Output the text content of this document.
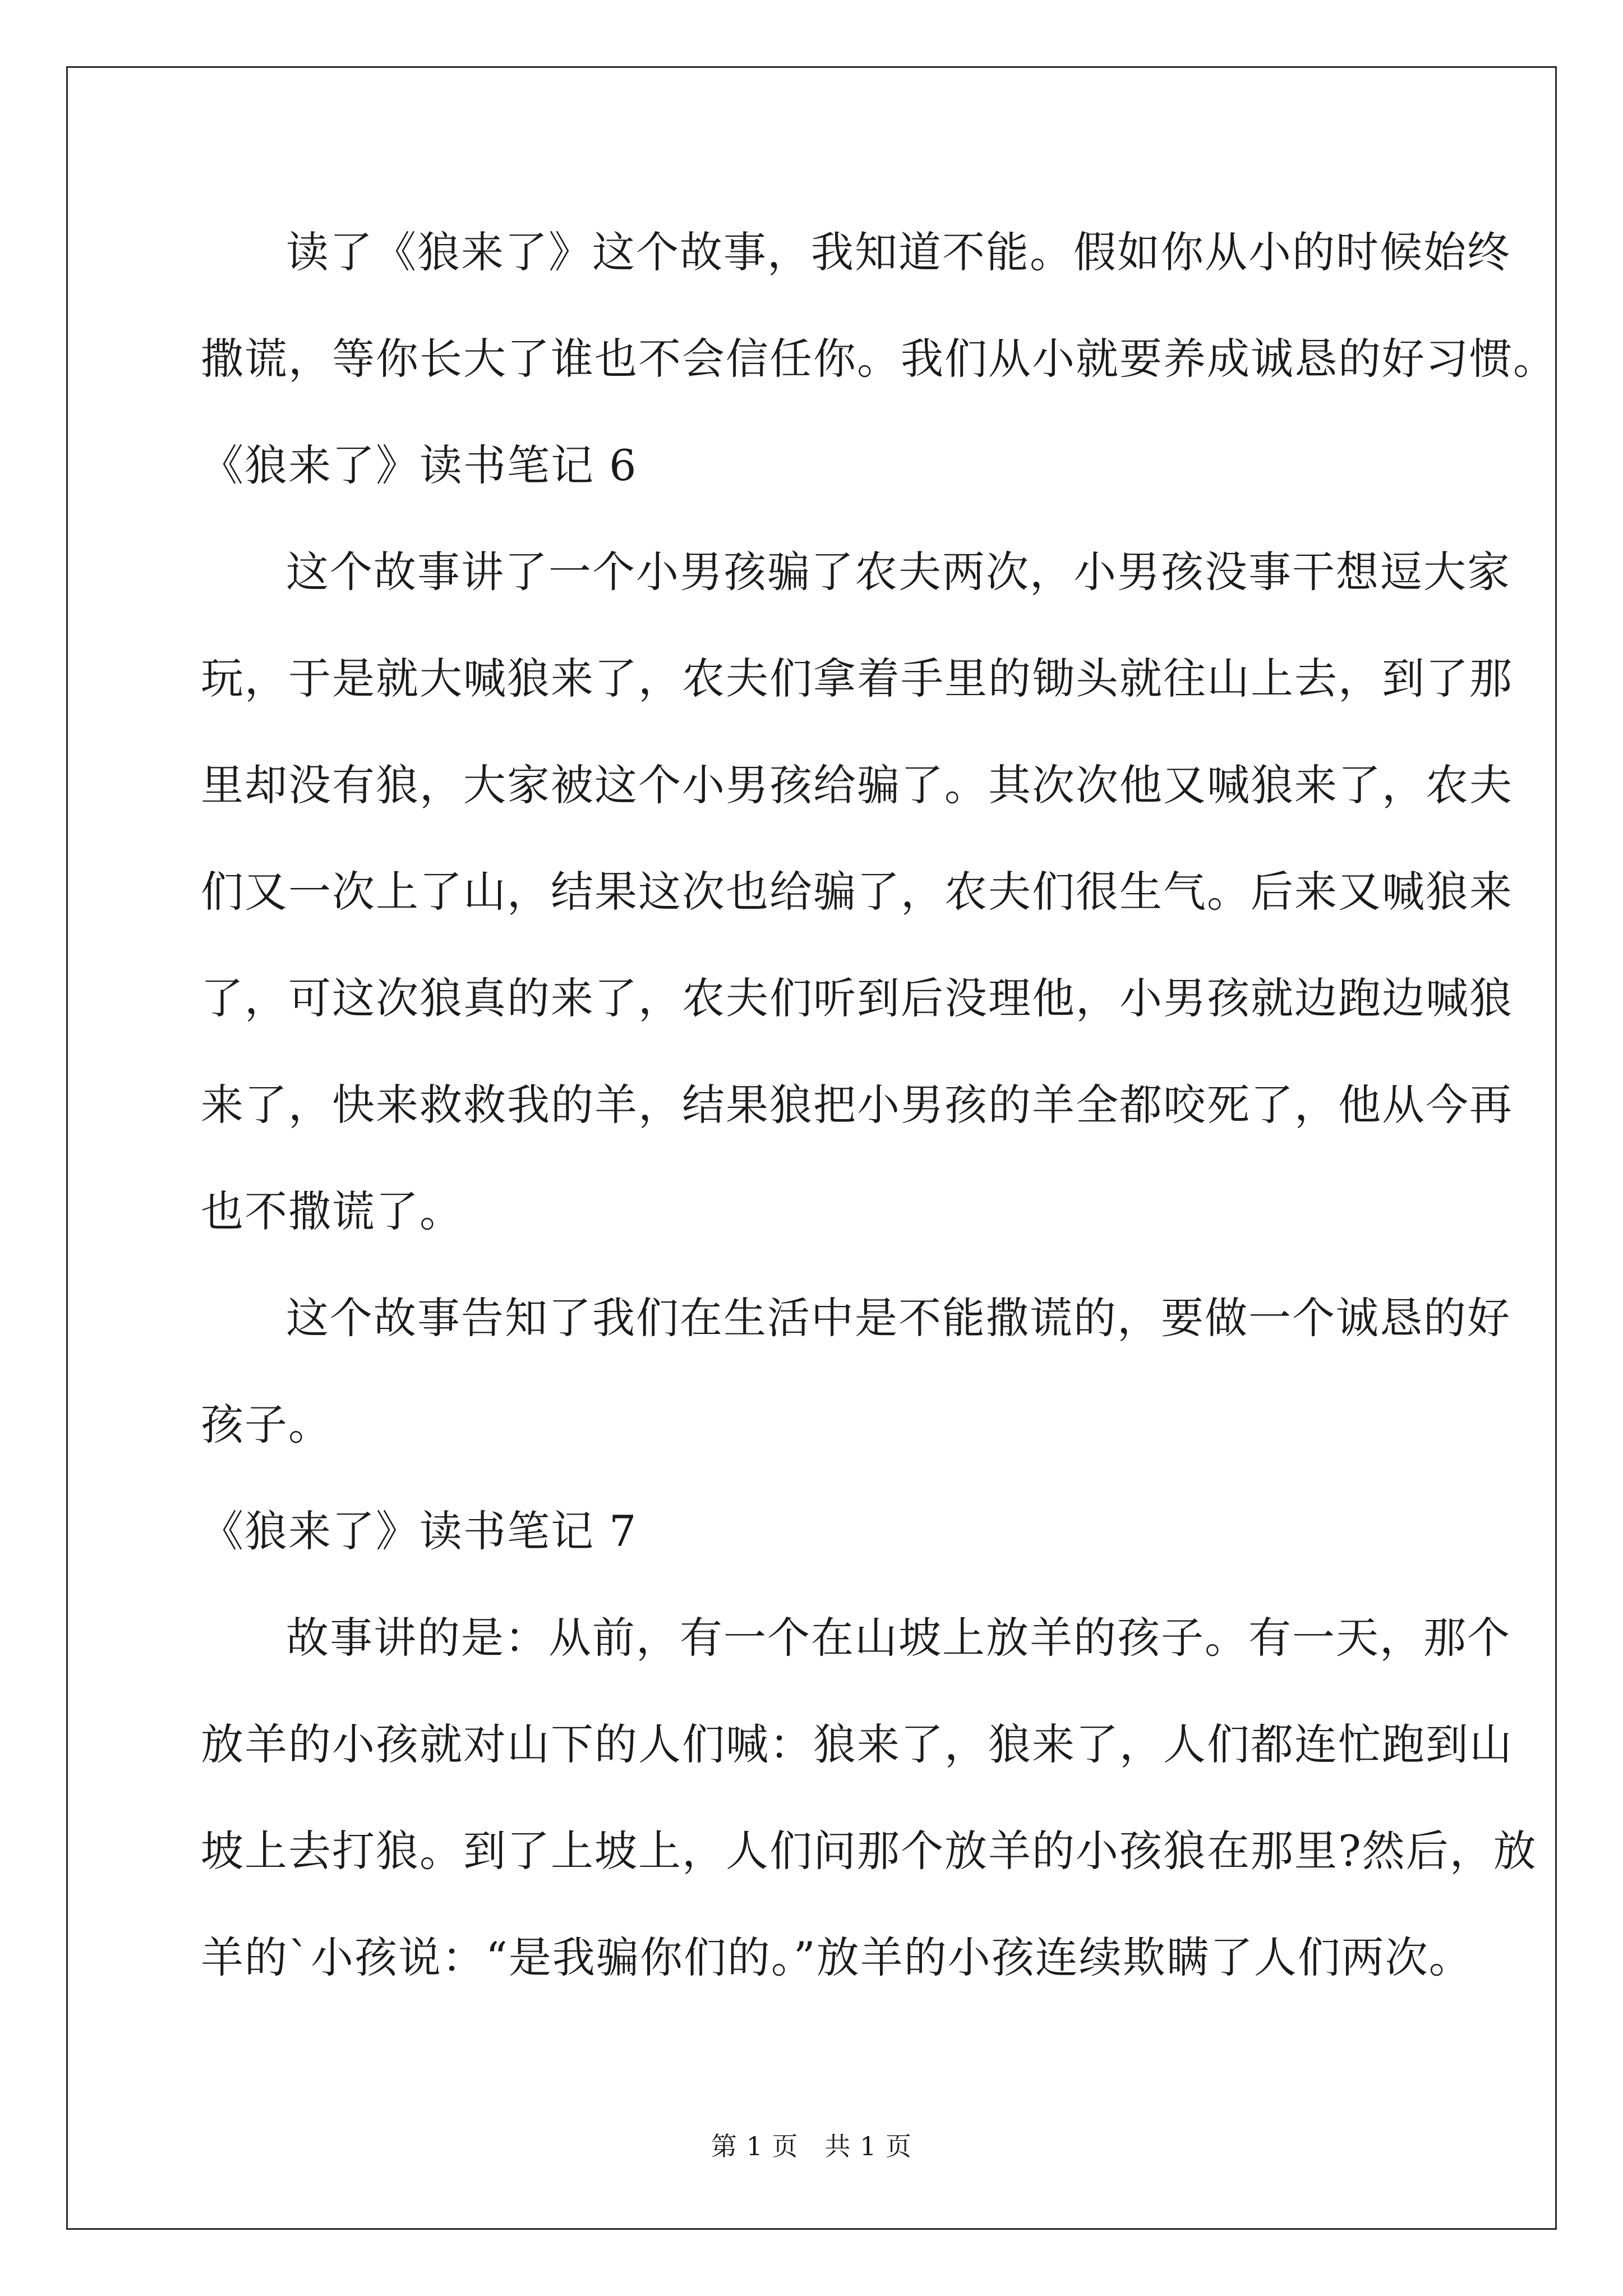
读了《狼来了》这个故事，我知道不能。假如你从小的时候始终
撒谎，等你长大了谁也不会信任你。我们从小就要养成诚恳的好习惯。
《狼来了》读书笔记 6
这个故事讲了一个小男孩骗了农夫两次，小男孩没事干想逗大家
玩，于是就大喊狼来了，农夫们拿着手里的锄头就往山上去，到了那
里却没有狼，大家被这个小男孩给骗了。其次次他又喊狼来了，农夫
们又一次上了山，结果这次也给骗了，农夫们很生气。后来又喊狼来
了，可这次狼真的来了，农夫们听到后没理他，小男孩就边跑边喊狼
来了，快来救救我的羊，结果狼把小男孩的羊全都咬死了，他从今再
也不撒谎了。
这个故事告知了我们在生活中是不能撒谎的，要做一个诚恳的好
孩子。
《狼来了》读书笔记 7
故事讲的是：从前，有一个在山坡上放羊的孩子。有一天，那个
放羊的小孩就对山下的人们喊：狼来了，狼来了，人们都连忙跑到山
坡上去打狼。到了上坡上，人们问那个放羊的小孩狼在那里?然后，放
羊的`小孩说：“是我骗你们的。”放羊的小孩连续欺瞒了人们两次。
第 1 页　共 1 页
